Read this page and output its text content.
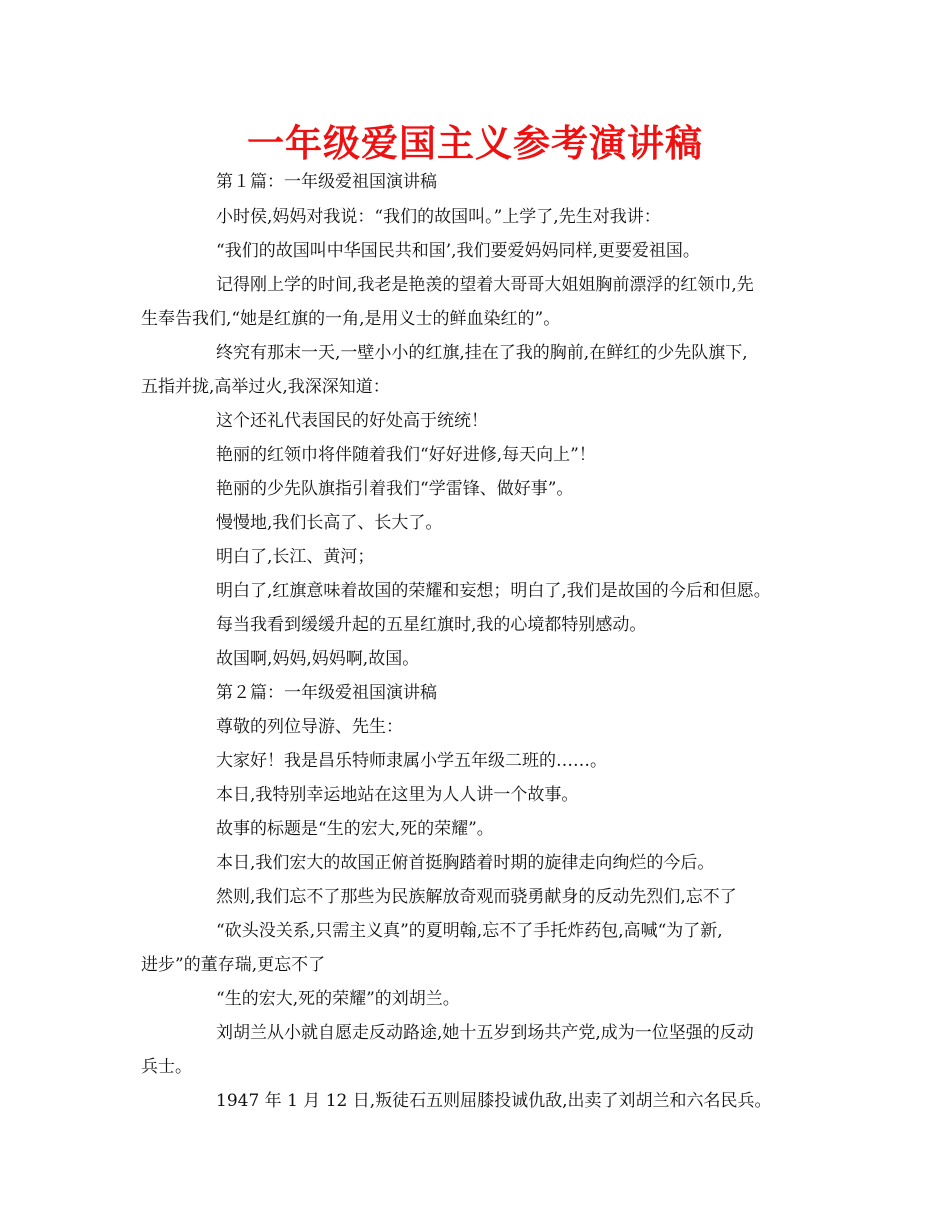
一年级爱国主义参考演讲稿
第１篇：一年级爱祖国演讲稿
小时侯,妈妈对我说：“我们的故国叫。”上学了,先生对我讲：
“我们的故国叫中华国民共和国’,我们要爱妈妈同样,更要爱祖国。
记得刚上学的时间,我老是艳羡的望着大哥哥大姐姐胸前漂浮的红领巾,先
生奉告我们,“她是红旗的一角,是用义士的鲜血染红的”。
终究有那末一天,一壁小小的红旗,挂在了我的胸前,在鲜红的少先队旗下,
五指并拢,高举过火,我深深知道：
这个还礼代表国民的好处高于统统！
艳丽的红领巾将伴随着我们“好好进修,每天向上”！
艳丽的少先队旗指引着我们“学雷锋、做好事”。
慢慢地,我们长高了、长大了。
明白了,长江、黄河；
明白了,红旗意味着故国的荣耀和妄想；明白了,我们是故国的今后和但愿。
每当我看到缓缓升起的五星红旗时,我的心境都特别感动。
故国啊,妈妈,妈妈啊,故国。
第２篇：一年级爱祖国演讲稿
尊敬的列位导游、先生：
大家好！我是昌乐特师隶属小学五年级二班的……。
本日,我特别幸运地站在这里为人人讲一个故事。
故事的标题是“生的宏大,死的荣耀”。
本日,我们宏大的故国正俯首挺胸踏着时期的旋律走向绚烂的今后。
然则,我们忘不了那些为民族解放奇观而骁勇献身的反动先烈们,忘不了
“砍头没关系,只需主义真”的夏明翰,忘不了手托炸药包,高喊“为了新,
进步”的董存瑞,更忘不了
“生的宏大,死的荣耀”的刘胡兰。
刘胡兰从小就自愿走反动路途,她十五岁到场共产党,成为一位坚强的反动
兵士。
1947 年 1 月 12 日,叛徒石五则屈膝投诚仇敌,出卖了刘胡兰和六名民兵。
